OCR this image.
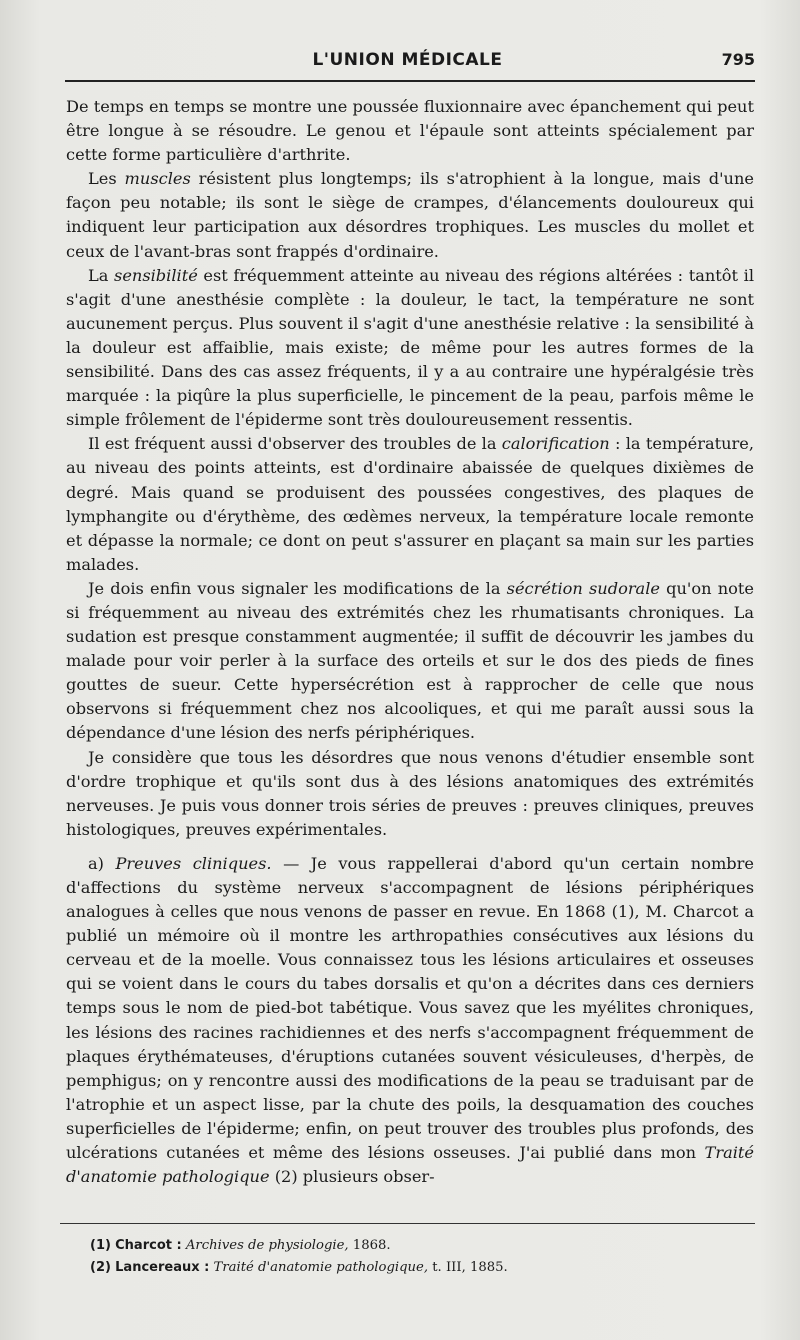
L'UNION MÉDICALE	795

De temps en temps se montre une poussée fluxionnaire avec épanchement qui peut être longue à se résoudre. Le genou et l'épaule sont atteints spécialement par cette forme particulière d'arthrite.

Les muscles résistent plus longtemps; ils s'atrophient à la longue, mais d'une façon peu notable; ils sont le siège de crampes, d'élancements douloureux qui indiquent leur participation aux désordres trophiques. Les muscles du mollet et ceux de l'avant-bras sont frappés d'ordinaire.

La sensibilité est fréquemment atteinte au niveau des régions altérées : tantôt il s'agit d'une anesthésie complète : la douleur, le tact, la température ne sont aucunement perçus. Plus souvent il s'agit d'une anesthésie relative : la sensibilité à la douleur est affaiblie, mais existe; de même pour les autres formes de la sensibilité. Dans des cas assez fréquents, il y a au contraire une hypéralgésie très marquée : la piqûre la plus superficielle, le pincement de la peau, parfois même le simple frôlement de l'épiderme sont très douloureusement ressentis.

Il est fréquent aussi d'observer des troubles de la calorification : la température, au niveau des points atteints, est d'ordinaire abaissée de quelques dixièmes de degré. Mais quand se produisent des poussées congestives, des plaques de lymphangite ou d'érythème, des œdèmes nerveux, la température locale remonte et dépasse la normale; ce dont on peut s'assurer en plaçant sa main sur les parties malades.

Je dois enfin vous signaler les modifications de la sécrétion sudorale qu'on note si fréquemment au niveau des extrémités chez les rhumatisants chroniques. La sudation est presque constamment augmentée; il suffit de découvrir les jambes du malade pour voir perler à la surface des orteils et sur le dos des pieds de fines gouttes de sueur. Cette hypersécrétion est à rapprocher de celle que nous observons si fréquemment chez nos alcooliques, et qui me paraît aussi sous la dépendance d'une lésion des nerfs périphériques.

Je considère que tous les désordres que nous venons d'étudier ensemble sont d'ordre trophique et qu'ils sont dus à des lésions anatomiques des extrémités nerveuses. Je puis vous donner trois séries de preuves : preuves cliniques, preuves histologiques, preuves expérimentales.

a) Preuves cliniques. — Je vous rappellerai d'abord qu'un certain nombre d'affections du système nerveux s'accompagnent de lésions périphériques analogues à celles que nous venons de passer en revue. En 1868 (1), M. Charcot a publié un mémoire où il montre les arthropathies consécutives aux lésions du cerveau et de la moelle. Vous connaissez tous les lésions articulaires et osseuses qui se voient dans le cours du tabes dorsalis et qu'on a décrites dans ces derniers temps sous le nom de pied-bot tabétique. Vous savez que les myélites chroniques, les lésions des racines rachidiennes et des nerfs s'accompagnent fréquemment de plaques érythémateuses, d'éruptions cutanées souvent vésiculeuses, d'herpès, de pemphigus; on y rencontre aussi des modifications de la peau se traduisant par de l'atrophie et un aspect lisse, par la chute des poils, la desquamation des couches superficielles de l'épiderme; enfin, on peut trouver des troubles plus profonds, des ulcérations cutanées et même des lésions osseuses. J'ai publié dans mon Traité d'anatomie pathologique (2) plusieurs obser-

(1) Charcot : Archives de physiologie, 1868.
(2) Lancereaux : Traité d'anatomie pathologique, t. III, 1885.
